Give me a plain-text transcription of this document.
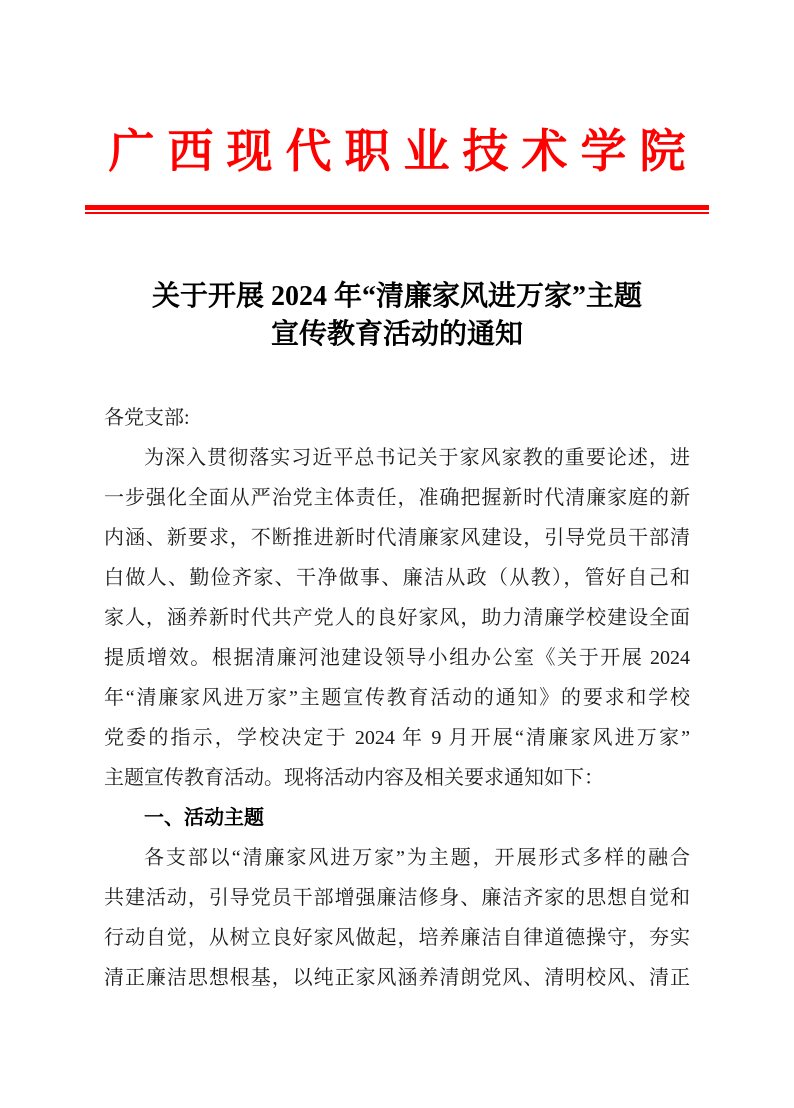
广西现代职业技术学院
关于开展 2024 年“清廉家风进万家”主题
宣传教育活动的通知
各党支部:
为深入贯彻落实习近平总书记关于家风家教的重要论述，进
一步强化全面从严治党主体责任，准确把握新时代清廉家庭的新
内涵、新要求，不断推进新时代清廉家风建设，引导党员干部清
白做人、勤俭齐家、干净做事、廉洁从政（从教），管好自己和
家人，涵养新时代共产党人的良好家风，助力清廉学校建设全面
提质增效。根据清廉河池建设领导小组办公室《关于开展 2024
年“清廉家风进万家”主题宣传教育活动的通知》的要求和学校
党委的指示，学校决定于 2024 年 9 月开展“清廉家风进万家”
主题宣传教育活动。现将活动内容及相关要求通知如下：
一、活动主题
各支部以“清廉家风进万家”为主题，开展形式多样的融合
共建活动，引导党员干部增强廉洁修身、廉洁齐家的思想自觉和
行动自觉，从树立良好家风做起，培养廉洁自律道德操守，夯实
清正廉洁思想根基，以纯正家风涵养清朗党风、清明校风、清正
